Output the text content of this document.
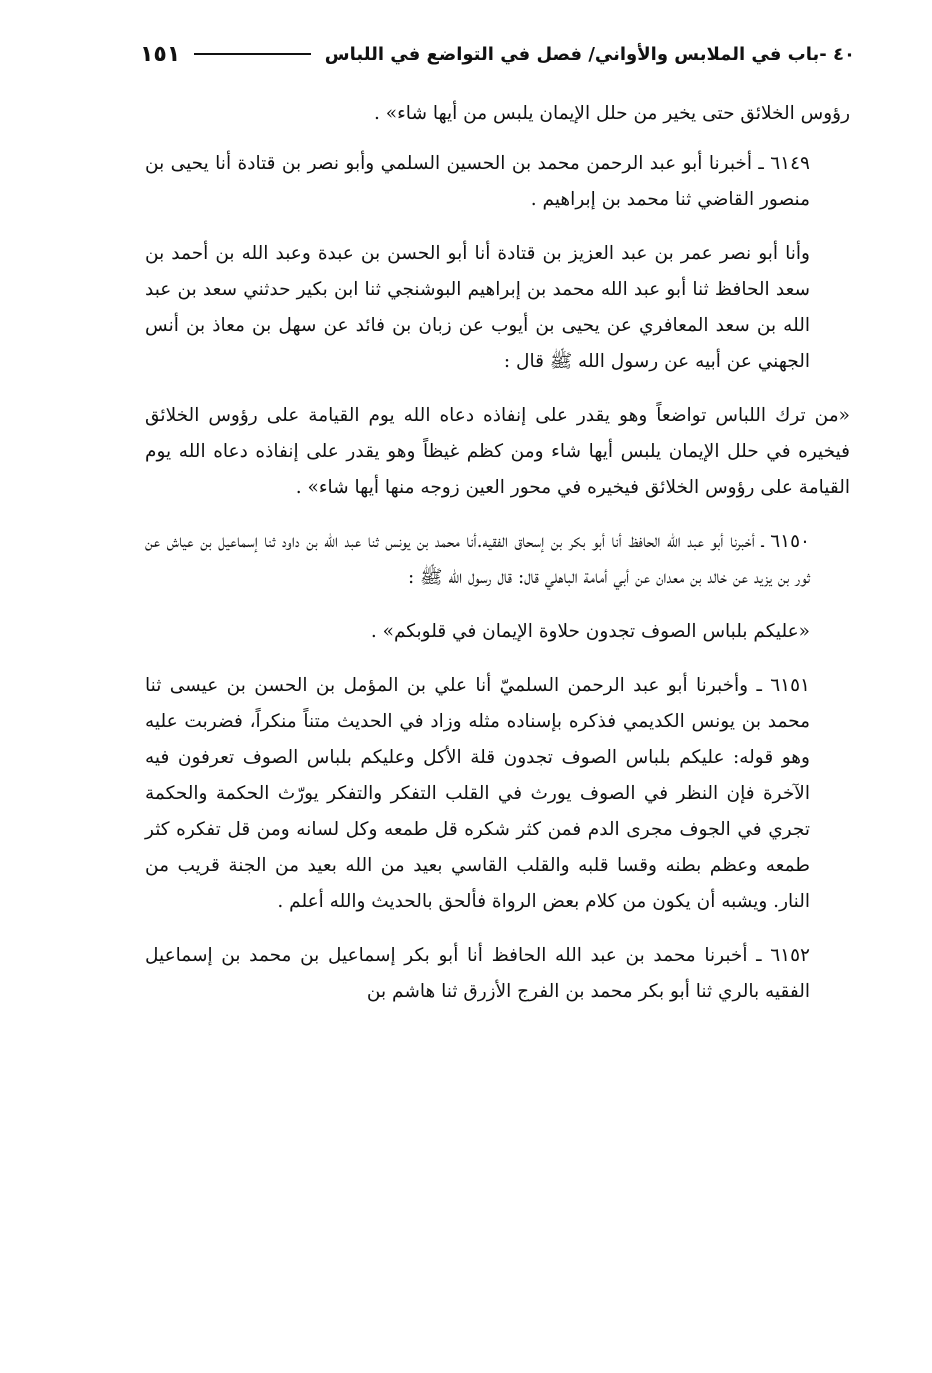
٤٠ -باب في الملابس والأواني/ فصل في التواضع في اللباس
١٥١

رؤوس الخلائق حتى يخير من حلل الإيمان يلبس من أيها شاء» .

٦١٤٩ ـ أخبرنا أبو عبد الرحمن محمد بن الحسين السلمي وأبو نصر بن قتادة أنا يحيى بن منصور القاضي ثنا محمد بن إبراهيم .

وأنا أبو نصر عمر بن عبد العزيز بن قتادة أنا أبو الحسن بن عبدة وعبد الله بن أحمد بن سعد الحافظ ثنا أبو عبد الله محمد بن إبراهيم البوشنجي ثنا ابن بكير حدثني سعد بن عبد الله بن سعد المعافري عن يحيى بن أيوب عن زبان بن فائد عن سهل بن معاذ بن أنس الجهني عن أبيه عن رسول الله ﷺ قال :

«من ترك اللباس تواضعاً وهو يقدر على إنفاذه دعاه الله يوم القيامة على رؤوس الخلائق فيخيره في حلل الإيمان يلبس أيها شاء ومن كظم غيظاً وهو يقدر على إنفاذه دعاه الله يوم القيامة على رؤوس الخلائق فيخيره في محور العين زوجه منها أيها شاء» .

٦١٥٠ ـ أخبرنا أبو عبد الله الحافظ أنا أبو بكر بن إسحاق الفقيه.أنا محمد بن يونس ثنا عبد الله بن داود ثنا إسماعيل بن عياش عن ثور بن يزيد عن خالد بن معدان عن أبي أمامة الباهلي قال: قال رسول الله ﷺ :

«عليكم بلباس الصوف تجدون حلاوة الإيمان في قلوبكم» .

٦١٥١ ـ وأخبرنا أبو عبد الرحمن السلميّ أنا علي بن المؤمل بن الحسن بن عيسى ثنا محمد بن يونس الكديمي فذكره بإسناده مثله وزاد في الحديث متناً منكراً، فضربت عليه وهو قوله: عليكم بلباس الصوف تجدون قلة الأكل وعليكم بلباس الصوف تعرفون فيه الآخرة فإن النظر في الصوف يورث في القلب التفكر والتفكر يورّث الحكمة والحكمة تجري في الجوف مجرى الدم فمن كثر شكره قل طمعه وكل لسانه ومن قل تفكره كثر طمعه وعظم بطنه وقسا قلبه والقلب القاسي بعيد من الله بعيد من الجنة قريب من النار. ويشبه أن يكون من كلام بعض الرواة فألحق بالحديث والله أعلم .

٦١٥٢ ـ أخبرنا محمد بن عبد الله الحافظ أنا أبو بكر إسماعيل بن محمد بن إسماعيل الفقيه بالري ثنا أبو بكر محمد بن الفرج الأزرق ثنا هاشم بن
